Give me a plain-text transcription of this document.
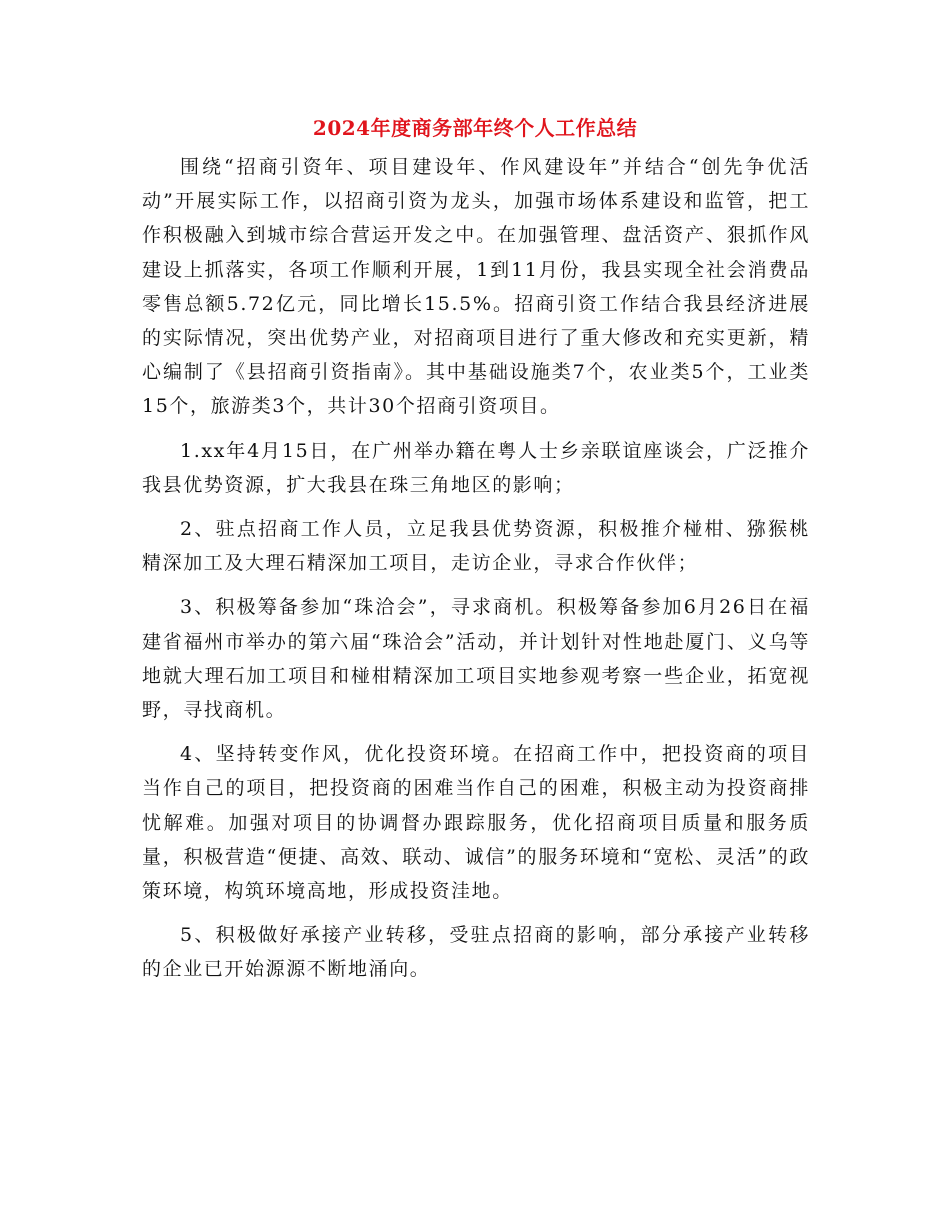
2024年度商务部年终个人工作总结

围绕“招商引资年、项目建设年、作风建设年”并结合“创先争优活动”开展实际工作，以招商引资为龙头，加强市场体系建设和监管，把工作积极融入到城市综合营运开发之中。在加强管理、盘活资产、狠抓作风建设上抓落实，各项工作顺利开展，1到11月份，我县实现全社会消费品零售总额5.72亿元，同比增长15.5%。招商引资工作结合我县经济进展的实际情况，突出优势产业，对招商项目进行了重大修改和充实更新，精心编制了《县招商引资指南》。其中基础设施类7个，农业类5个，工业类15个，旅游类3个，共计30个招商引资项目。

1.xx年4月15日，在广州举办籍在粤人士乡亲联谊座谈会，广泛推介我县优势资源，扩大我县在珠三角地区的影响；

2、驻点招商工作人员，立足我县优势资源，积极推介椪柑、猕猴桃精深加工及大理石精深加工项目，走访企业，寻求合作伙伴；

3、积极筹备参加“珠洽会”，寻求商机。积极筹备参加6月26日在福建省福州市举办的第六届“珠洽会”活动，并计划针对性地赴厦门、义乌等地就大理石加工项目和椪柑精深加工项目实地参观考察一些企业，拓宽视野，寻找商机。

4、坚持转变作风，优化投资环境。在招商工作中，把投资商的项目当作自己的项目，把投资商的困难当作自己的困难，积极主动为投资商排忧解难。加强对项目的协调督办跟踪服务，优化招商项目质量和服务质量，积极营造“便捷、高效、联动、诚信”的服务环境和“宽松、灵活”的政策环境，构筑环境高地，形成投资洼地。

5、积极做好承接产业转移，受驻点招商的影响，部分承接产业转移的企业已开始源源不断地涌向。
